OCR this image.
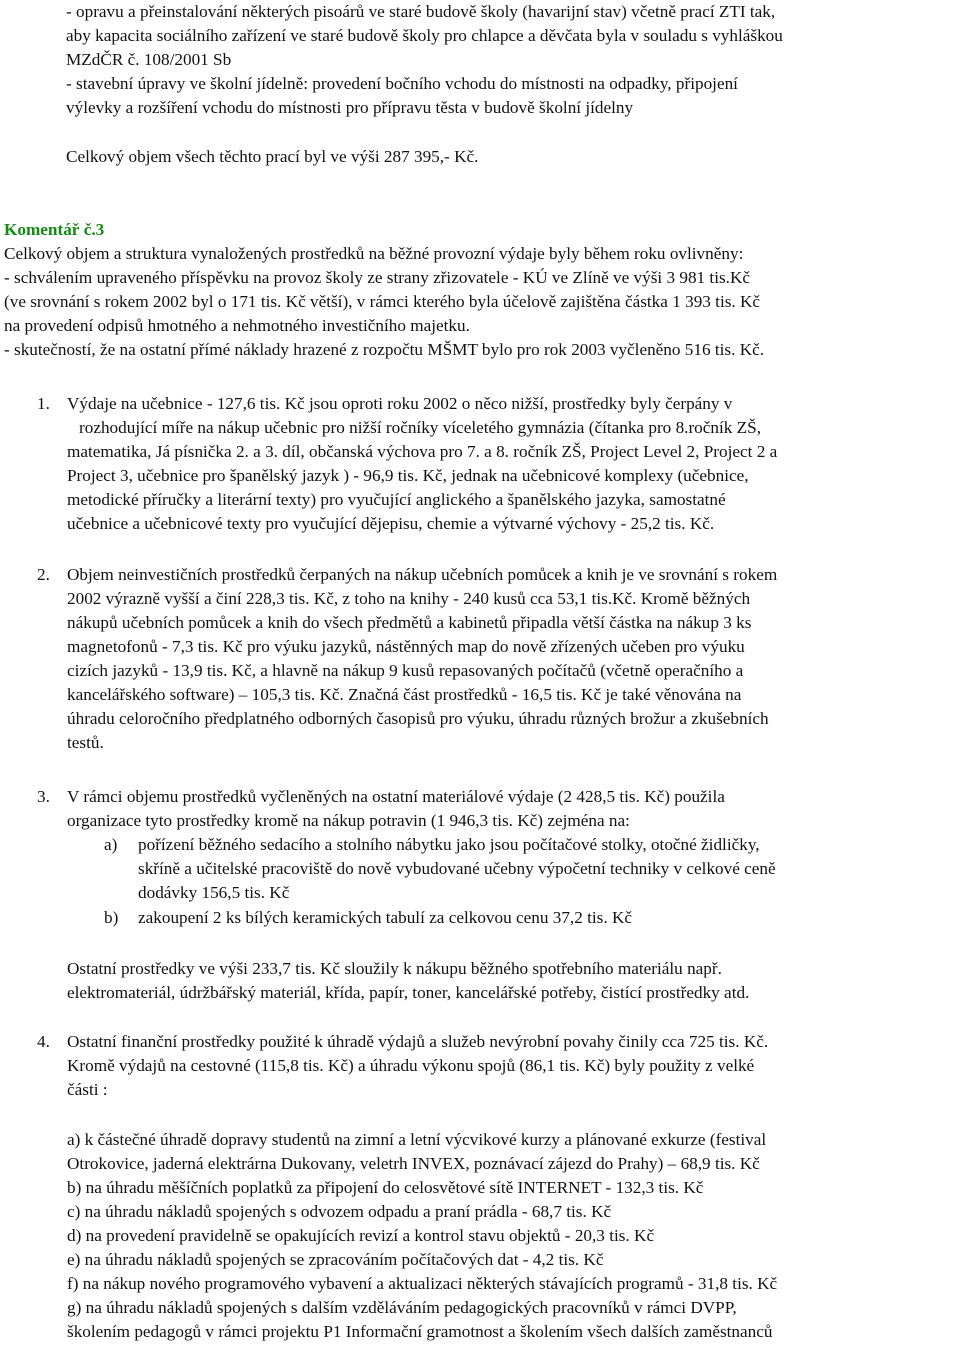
- opravu a přeinstalování některých pisoárů ve staré budově školy (havarijní stav) včetně prací ZTI tak,

aby kapacita sociálního zařízení ve staré budově školy pro chlapce a děvčata byla v souladu s vyhláškou

MZdČR č. 108/2001 Sb

- stavební úpravy ve školní jídelně: provedení bočního vchodu do místnosti na odpadky, připojení

výlevky a rozšíření vchodu do místnosti pro přípravu těsta v budově školní jídelny

Celkový objem všech těchto prací byl ve výši 287 395,- Kč.

Komentář č.3

Celkový objem a struktura vynaložených prostředků na běžné provozní výdaje byly během roku ovlivněny:

- schválením upraveného příspěvku na provoz školy ze strany zřizovatele - KÚ ve Zlíně ve výši 3 981 tis.Kč

(ve srovnání s rokem 2002 byl o 171 tis. Kč větší), v rámci kterého byla účelově zajištěna částka 1 393 tis. Kč

na provedení odpisů hmotného a nehmotného investičního majetku.

- skutečností, že na ostatní přímé náklady hrazené z rozpočtu MŠMT bylo pro rok 2003 vyčleněno 516 tis. Kč.

1. Výdaje na učebnice - 127,6 tis. Kč jsou oproti roku 2002 o něco nižší, prostředky byly čerpány v

rozhodující míře na nákup učebnic pro nižší ročníky víceletého gymnázia (čítanka pro 8.ročník ZŠ,

matematika, Já písnička 2. a 3. díl, občanská výchova pro 7. a 8. ročník ZŠ, Project Level 2, Project 2 a

Project 3, učebnice pro španělský jazyk ) - 96,9 tis. Kč, jednak na učebnicové komplexy (učebnice,

metodické příručky a literární texty) pro vyučující anglického a španělského jazyka, samostatné

učebnice a učebnicové texty pro vyučující dějepisu, chemie a výtvarné výchovy - 25,2 tis. Kč.

2. Objem neinvestičních prostředků čerpaných na nákup učebních pomůcek a knih je ve srovnání s rokem

2002 výrazně vyšší a činí 228,3 tis. Kč, z toho na knihy - 240 kusů cca 53,1 tis.Kč. Kromě běžných

nákupů učebních pomůcek a knih do všech předmětů a kabinetů připadla větší částka na nákup 3 ks

magnetofonů - 7,3 tis. Kč pro výuku jazyků, nástěnných map do nově zřízených učeben pro výuku

cizích jazyků - 13,9 tis. Kč, a hlavně na nákup 9 kusů repasovaných počítačů (včetně operačního a

kancelářského software) – 105,3 tis. Kč. Značná část prostředků - 16,5 tis. Kč je také věnována na

úhradu celoročního předplatného odborných časopisů pro výuku, úhradu různých brožur a zkušebních

testů.

3. V rámci objemu prostředků vyčleněných na ostatní materiálové výdaje (2 428,5 tis. Kč) použila

organizace tyto prostředky kromě na nákup potravin (1 946,3 tis. Kč) zejména na:

a) pořízení běžného sedacího a stolního nábytku jako jsou počítačové stolky, otočné židličky,

skříně a učitelské pracoviště do nově vybudované učebny výpočetní techniky v celkové ceně

dodávky 156,5 tis. Kč

b) zakoupení 2 ks bílých keramických tabulí za celkovou cenu 37,2 tis. Kč

Ostatní prostředky ve výši 233,7 tis. Kč sloužily k nákupu běžného spotřebního materiálu např.

elektromateriál, údržbářský materiál, křída, papír, toner, kancelářské potřeby, čistící prostředky atd.

4. Ostatní finanční prostředky použité k úhradě výdajů a služeb nevýrobní povahy činily cca 725 tis. Kč.

Kromě výdajů na cestovné (115,8 tis. Kč) a úhradu výkonu spojů (86,1 tis. Kč) byly použity z velké

části :

a) k částečné úhradě dopravy studentů na zimní a letní výcvikové kurzy a plánované exkurze (festival

Otrokovice, jaderná elektrárna Dukovany, veletrh INVEX, poznávací zájezd do Prahy) – 68,9 tis. Kč

b) na úhradu měšíčních poplatků za připojení do celosvětové sítě INTERNET - 132,3 tis. Kč

c) na úhradu nákladů spojených s odvozem odpadu a praní prádla - 68,7 tis. Kč

d) na provedení pravidelně se opakujících revizí a kontrol stavu objektů - 20,3 tis. Kč

e) na úhradu nákladů spojených se zpracováním počítačových dat - 4,2 tis. Kč

f) na nákup nového programového vybavení a aktualizaci některých stávajících programů - 31,8 tis. Kč

g) na úhradu nákladů spojených s dalším vzděláváním pedagogických pracovníků v rámci DVPP,

školením pedagogů v rámci projektu P1 Informační gramotnost a školením všech dalších zaměstnanců
